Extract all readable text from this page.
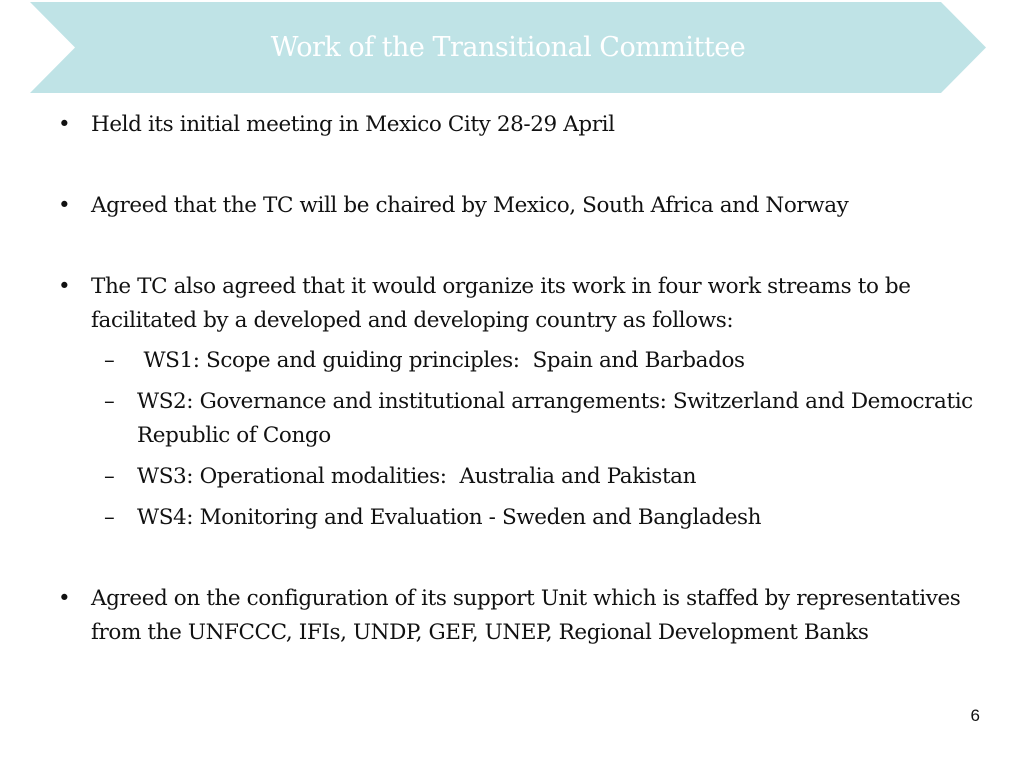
Work of the Transitional Committee
• Held its initial meeting in Mexico City 28-29 April
• Agreed that the TC will be chaired by Mexico, South Africa and Norway
• The TC also agreed that it would organize its work in four work streams to be facilitated by a developed and developing country as follows:
– WS1: Scope and guiding principles:  Spain and Barbados
– WS2: Governance and institutional arrangements: Switzerland and Democratic Republic of Congo
– WS3: Operational modalities:  Australia and Pakistan
– WS4: Monitoring and Evaluation - Sweden and Bangladesh
• Agreed on the configuration of its support Unit which is staffed by representatives from the UNFCCC, IFIs, UNDP, GEF, UNEP, Regional Development Banks
6
